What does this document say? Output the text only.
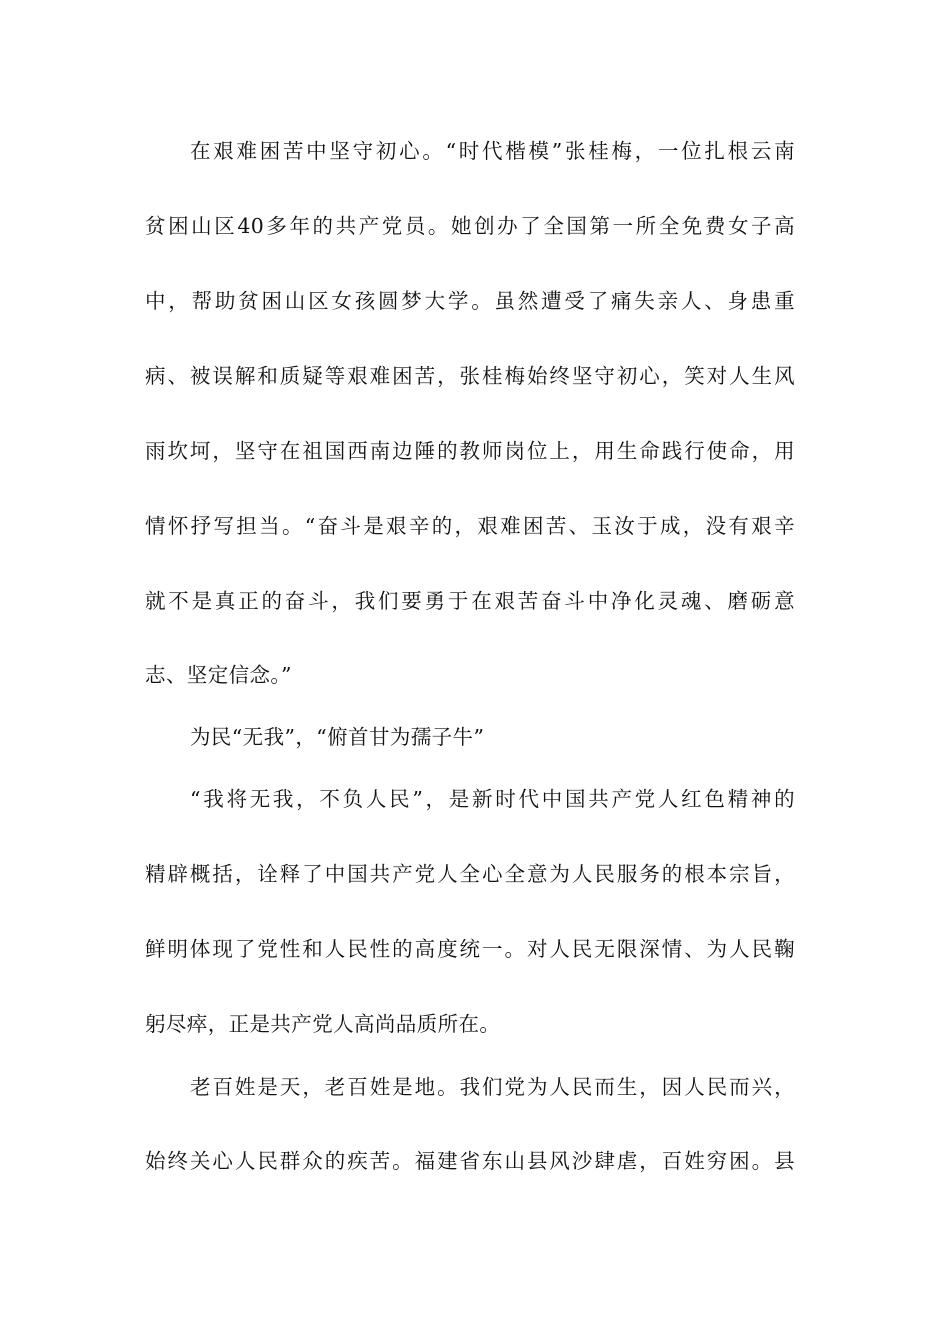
在艰难困苦中坚守初心。“时代楷模”张桂梅，一位扎根云南
贫困山区40多年的共产党员。她创办了全国第一所全免费女子高
中，帮助贫困山区女孩圆梦大学。虽然遭受了痛失亲人、身患重
病、被误解和质疑等艰难困苦，张桂梅始终坚守初心，笑对人生风
雨坎坷，坚守在祖国西南边陲的教师岗位上，用生命践行使命，用
情怀抒写担当。“奋斗是艰辛的，艰难困苦、玉汝于成，没有艰辛
就不是真正的奋斗，我们要勇于在艰苦奋斗中净化灵魂、磨砺意
志、坚定信念。”
为民“无我”，“俯首甘为孺子牛”
“我将无我，不负人民”，是新时代中国共产党人红色精神的
精辟概括，诠释了中国共产党人全心全意为人民服务的根本宗旨，
鲜明体现了党性和人民性的高度统一。对人民无限深情、为人民鞠
躬尽瘁，正是共产党人高尚品质所在。
老百姓是天，老百姓是地。我们党为人民而生，因人民而兴，
始终关心人民群众的疾苦。福建省东山县风沙肆虐，百姓穷困。县
